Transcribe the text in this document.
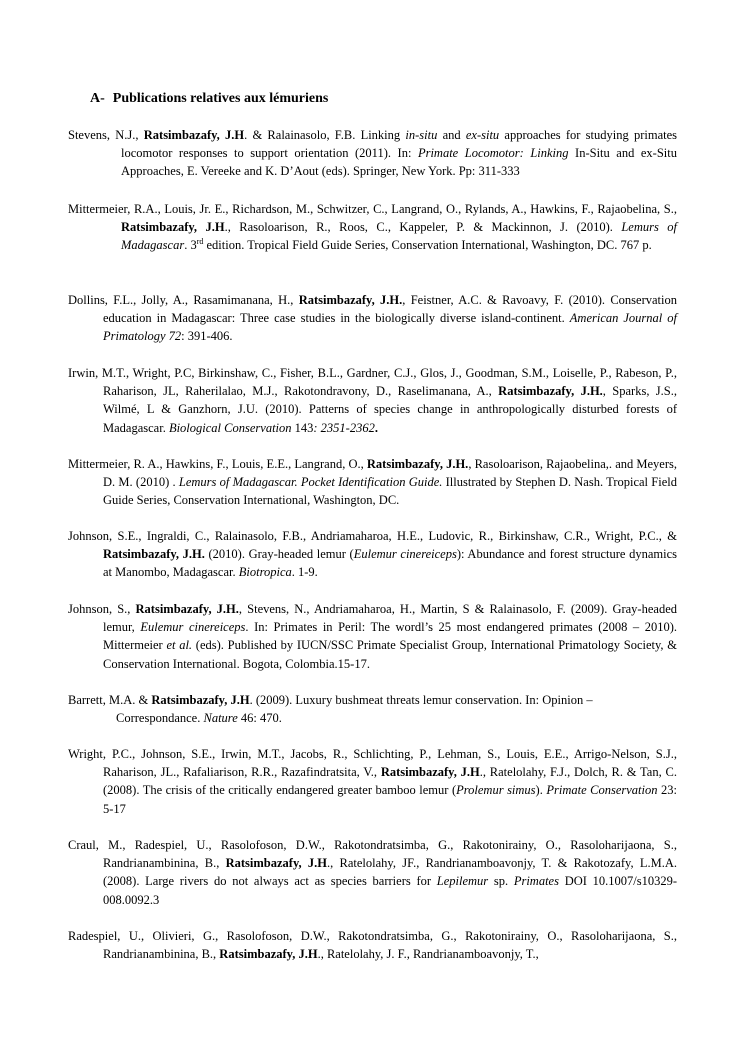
A- Publications relatives aux lémuriens
Stevens, N.J., Ratsimbazafy, J.H. & Ralainasolo, F.B. Linking in-situ and ex-situ approaches for studying primates locomotor responses to support orientation (2011). In: Primate Locomotor: Linking In-Situ and ex-Situ Approaches, E. Vereeke and K. D’Aout (eds). Springer, New York. Pp: 311-333
Mittermeier, R.A., Louis, Jr. E., Richardson, M., Schwitzer, C., Langrand, O., Rylands, A., Hawkins, F., Rajaobelina, S., Ratsimbazafy, J.H., Rasoloarison, R., Roos, C., Kappeler, P. & Mackinnon, J. (2010). Lemurs of Madagascar. 3rd edition. Tropical Field Guide Series, Conservation International, Washington, DC. 767 p.
Dollins, F.L., Jolly, A., Rasamimanana, H., Ratsimbazafy, J.H., Feistner, A.C. & Ravoavy, F. (2010). Conservation education in Madagascar: Three case studies in the biologically diverse island-continent. American Journal of Primatology 72: 391-406.
Irwin, M.T., Wright, P.C, Birkinshaw, C., Fisher, B.L., Gardner, C.J., Glos, J., Goodman, S.M., Loiselle, P., Rabeson, P., Raharison, JL, Raherilalao, M.J., Rakotondravony, D., Raselimanana, A., Ratsimbazafy, J.H., Sparks, J.S., Wilmé, L & Ganzhorn, J.U. (2010). Patterns of species change in anthropologically disturbed forests of Madagascar. Biological Conservation 143: 2351-2362.
Mittermeier, R. A., Hawkins, F., Louis, E.E., Langrand, O., Ratsimbazafy, J.H., Rasoloarison, Rajaobelina,. and Meyers, D. M. (2010) . Lemurs of Madagascar. Pocket Identification Guide. Illustrated by Stephen D. Nash. Tropical Field Guide Series, Conservation International, Washington, DC.
Johnson, S.E., Ingraldi, C., Ralainasolo, F.B., Andriamaharoa, H.E., Ludovic, R., Birkinshaw, C.R., Wright, P.C., & Ratsimbazafy, J.H. (2010). Gray-headed lemur (Eulemur cinereiceps): Abundance and forest structure dynamics at Manombo, Madagascar. Biotropica. 1-9.
Johnson, S., Ratsimbazafy, J.H., Stevens, N., Andriamaharoa, H., Martin, S & Ralainasolo, F. (2009). Gray-headed lemur, Eulemur cinereiceps. In: Primates in Peril: The wordl’s 25 most endangered primates (2008 – 2010). Mittermeier et al. (eds). Published by IUCN/SSC Primate Specialist Group, International Primatology Society, & Conservation International. Bogota, Colombia.15-17.
Barrett, M.A. & Ratsimbazafy, J.H. (2009). Luxury bushmeat threats lemur conservation. In: Opinion – Correspondance. Nature 46: 470.
Wright, P.C., Johnson, S.E., Irwin, M.T., Jacobs, R., Schlichting, P., Lehman, S., Louis, E.E., Arrigo-Nelson, S.J., Raharison, JL., Rafaliarison, R.R., Razafindratsita, V., Ratsimbazafy, J.H., Ratelolahy, F.J., Dolch, R. & Tan, C. (2008). The crisis of the critically endangered greater bamboo lemur (Prolemur simus). Primate Conservation 23: 5-17
Craul, M., Radespiel, U., Rasolofoson, D.W., Rakotondratsimba, G., Rakotonirainy, O., Rasoloharijaona, S., Randrianambinina, B., Ratsimbazafy, J.H., Ratelolahy, JF., Randrianamboavonjy, T. & Rakotozafy, L.M.A. (2008). Large rivers do not always act as species barriers for Lepilemur sp. Primates DOI 10.1007/s10329-008.0092.3
Radespiel, U., Olivieri, G., Rasolofoson, D.W., Rakotondratsimba, G., Rakotonirainy, O., Rasoloharijaona, S., Randrianambinina, B., Ratsimbazafy, J.H., Ratelolahy, J. F., Randrianamboavonjy, T.,
